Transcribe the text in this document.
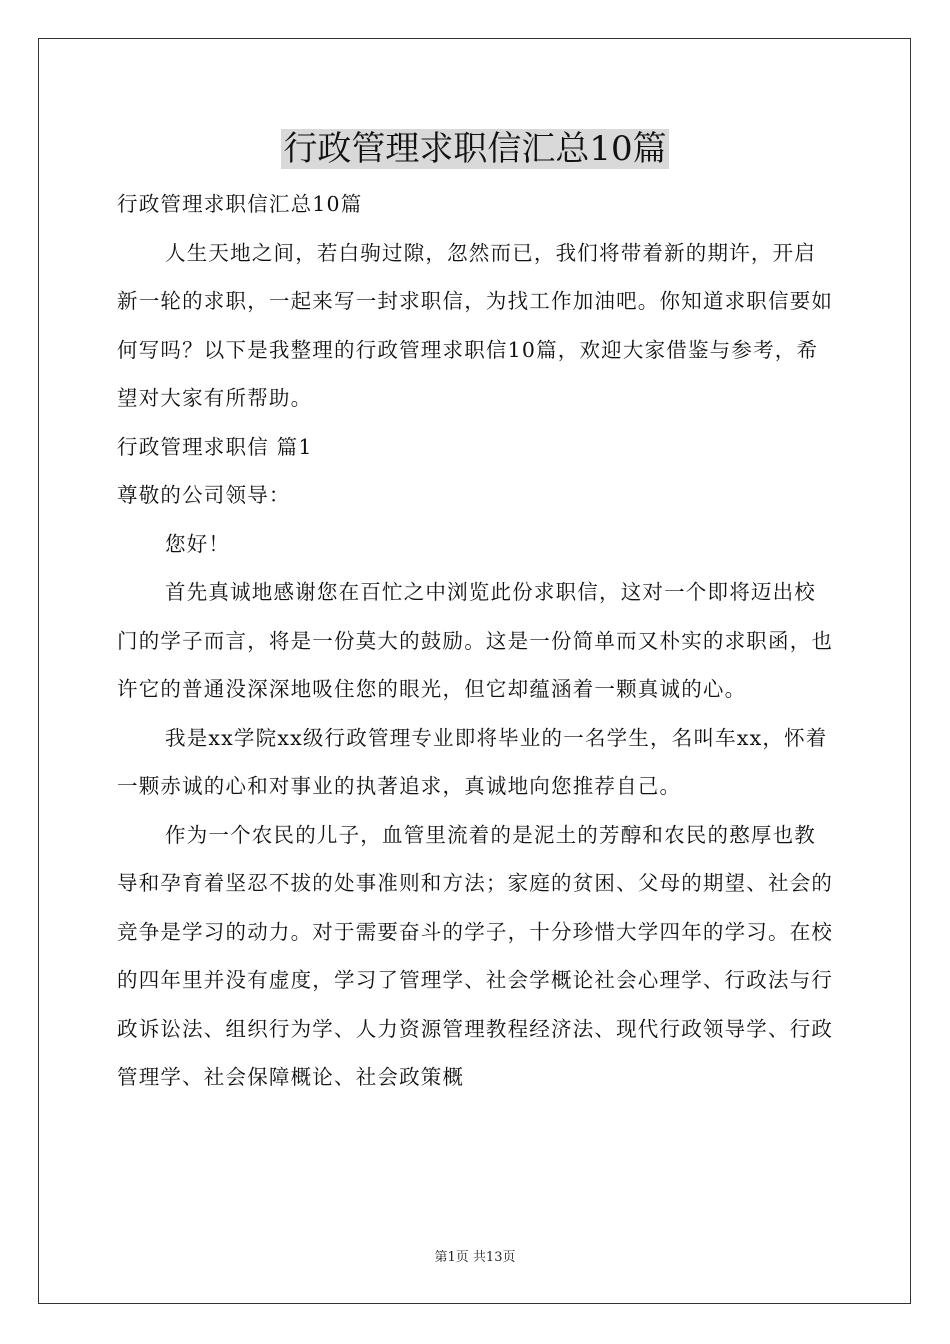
行政管理求职信汇总10篇

行政管理求职信汇总10篇

人生天地之间，若白驹过隙，忽然而已，我们将带着新的期许，开启新一轮的求职，一起来写一封求职信，为找工作加油吧。你知道求职信要如何写吗？以下是我整理的行政管理求职信10篇，欢迎大家借鉴与参考，希望对大家有所帮助。

行政管理求职信 篇1

尊敬的公司领导：

您好！

首先真诚地感谢您在百忙之中浏览此份求职信，这对一个即将迈出校门的学子而言，将是一份莫大的鼓励。这是一份简单而又朴实的求职函，也许它的普通没深深地吸住您的眼光，但它却蕴涵着一颗真诚的心。

我是xx学院xx级行政管理专业即将毕业的一名学生，名叫车xx，怀着一颗赤诚的心和对事业的执著追求，真诚地向您推荐自己。

作为一个农民的儿子，血管里流着的是泥土的芳醇和农民的憨厚也教导和孕育着坚忍不拔的处事准则和方法；家庭的贫困、父母的期望、社会的竞争是学习的动力。对于需要奋斗的学子，十分珍惜大学四年的学习。在校的四年里并没有虚度，学习了管理学、社会学概论社会心理学、行政法与行政诉讼法、组织行为学、人力资源管理教程经济法、现代行政领导学、行政管理学、社会保障概论、社会政策概

第1页 共13页
